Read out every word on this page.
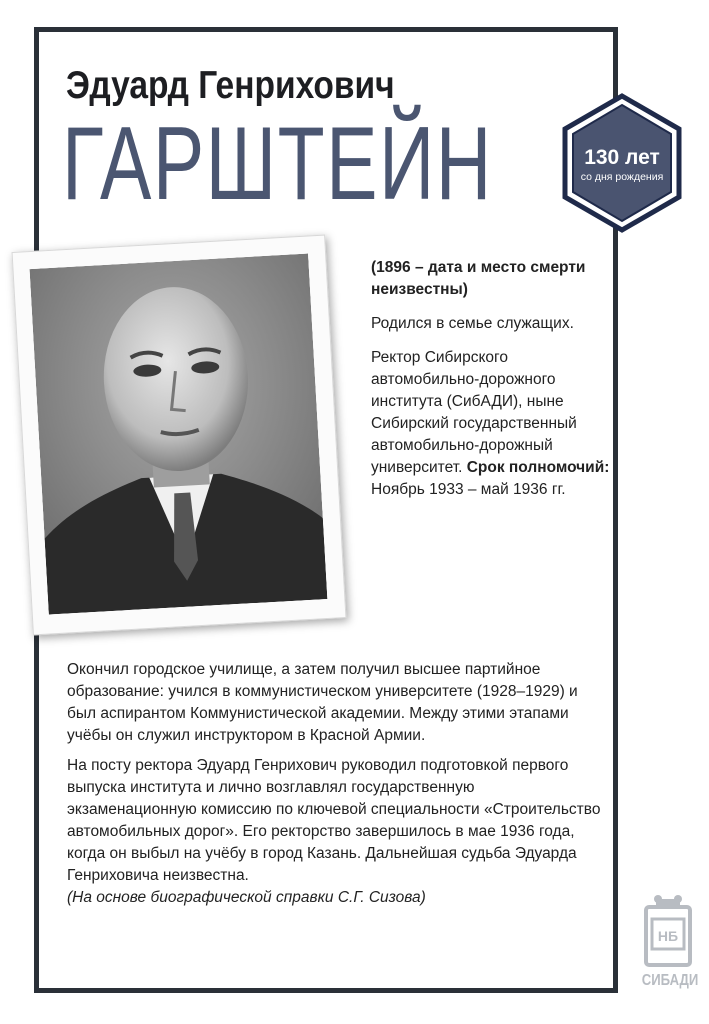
Эдуард Генрихович
ГАРШТЕЙН	130 лет
со дня рождения

(1896 – дата и место смерти неизвестны)

Родился в семье служащих.

Ректор Сибирского автомобильно-дорожного института (СибАДИ), ныне Сибирский государственный автомобильно-дорожный университет. Срок полномочий: Ноябрь 1933 – май 1936 гг.

Окончил городское училище, а затем получил высшее партийное образование: учился в коммунистическом университете (1928–1929) и был аспирантом Коммунистической академии. Между этими этапами учёбы он служил инструктором в Красной Армии.

На посту ректора Эдуард Генрихович руководил подготовкой первого выпуска института и лично возглавлял государственную экзаменационную комиссию по ключевой специальности «Строительство автомобильных дорог». Его ректорство завершилось в мае 1936 года, когда он выбыл на учёбу в город Казань. Дальнейшая судьба Эдуарда Генриховича неизвестна.
(На основе биографической справки С.Г. Сизова)

НБ
СИБАДИ
